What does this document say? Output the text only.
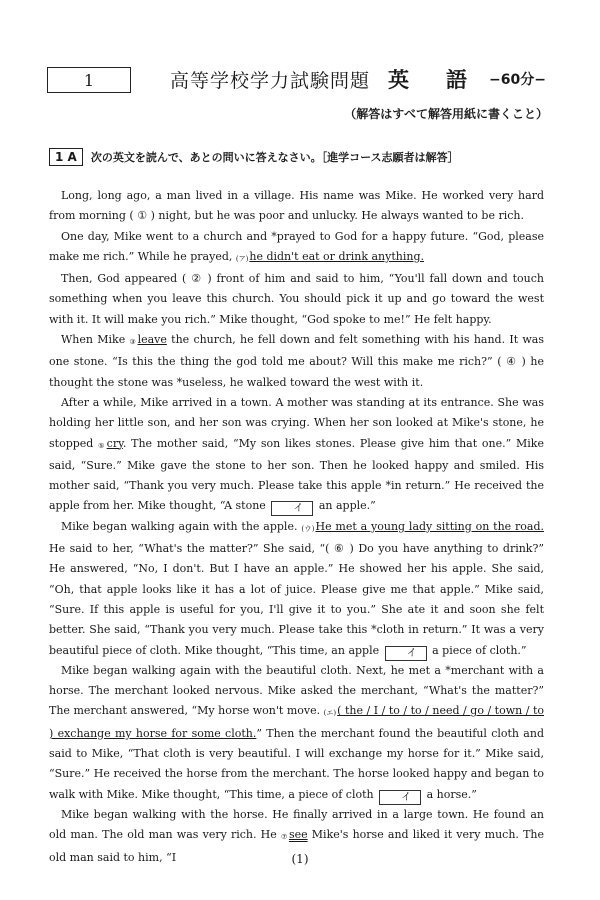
1	高等学校学力試験問題 英　語 −60分−
（解答はすべて解答用紙に書くこと）
1 A	次の英文を読んで、あとの問いに答えなさい。［進学コース志願者は解答］

Long, long ago, a man lived in a village. His name was Mike. He worked very hard from morning ( ① ) night, but he was poor and unlucky. He always wanted to be rich.

One day, Mike went to a church and *prayed to God for a happy future. “God, please make me rich.” While he prayed, (ア)he didn't eat or drink anything.

Then, God appeared ( ② ) front of him and said to him, “You'll fall down and touch something when you leave this church. You should pick it up and go toward the west with it. It will make you rich.” Mike thought, “God spoke to me!” He felt happy.

When Mike ③leave the church, he fell down and felt something with his hand. It was one stone. “Is this the thing the god told me about? Will this make me rich?” ( ④ ) he thought the stone was *useless, he walked toward the west with it.

After a while, Mike arrived in a town. A mother was standing at its entrance. She was holding her little son, and her son was crying. When her son looked at Mike's stone, he stopped ⑤cry. The mother said, “My son likes stones. Please give him that one.” Mike said, “Sure.” Mike gave the stone to her son. Then he looked happy and smiled. His mother said, “Thank you very much. Please take this apple *in return.” He received the apple from her. Mike thought, “A stone	イ an apple.”

Mike began walking again with the apple. (ウ)He met a young lady sitting on the road. He said to her, “What's the matter?” She said, “( ⑥ ) Do you have anything to drink?” He answered, “No, I don't. But I have an apple.” He showed her his apple. She said, “Oh, that apple looks like it has a lot of juice. Please give me that apple.” Mike said, “Sure. If this apple is useful for you, I'll give it to you.” She ate it and soon she felt better. She said, “Thank you very much. Please take this *cloth in return.” It was a very beautiful piece of cloth. Mike thought, “This time, an apple	イ a piece of cloth.”

Mike began walking again with the beautiful cloth. Next, he met a *merchant with a horse. The merchant looked nervous. Mike asked the merchant, “What's the matter?” The merchant answered, “My horse won't move. (エ)( the / I / to / to / need / go / town / to ) exchange my horse for some cloth.” Then the merchant found the beautiful cloth and said to Mike, “That cloth is very beautiful. I will exchange my horse for it.” Mike said, “Sure.” He received the horse from the merchant. The horse looked happy and began to walk with Mike. Mike thought, “This time, a piece of cloth	イ a horse.”

Mike began walking with the horse. He finally arrived in a large town. He found an old man. The old man was very rich. He ⑦see Mike's horse and liked it very much. The old man said to him, “I	(1)
